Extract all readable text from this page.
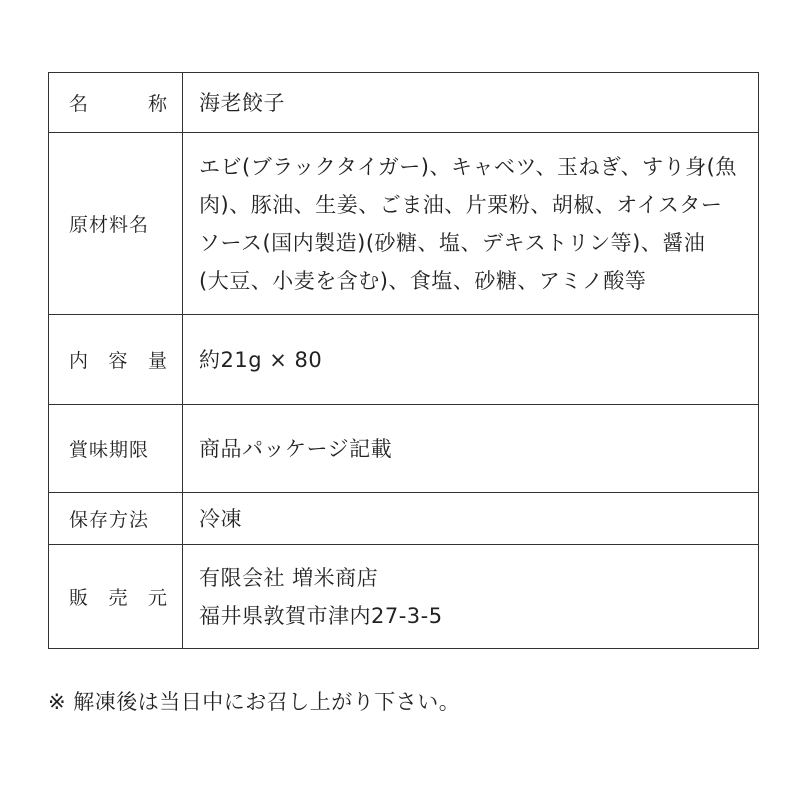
名 称	海老餃子

原材料名	エビ(ブラックタイガー)、キャベツ、玉ねぎ、すり身(魚
肉)、豚油、生姜、ごま油、片栗粉、胡椒、オイスター
ソース(国内製造)(砂糖、塩、デキストリン等)、醤油
(大豆、小麦を含む)、食塩、砂糖、アミノ酸等

内 容 量	約21g × 80

賞味期限	商品パッケージ記載

保存方法	冷凍

販 売 元	有限会社 増米商店
福井県敦賀市津内27-3-5
※ 解凍後は当日中にお召し上がり下さい。
